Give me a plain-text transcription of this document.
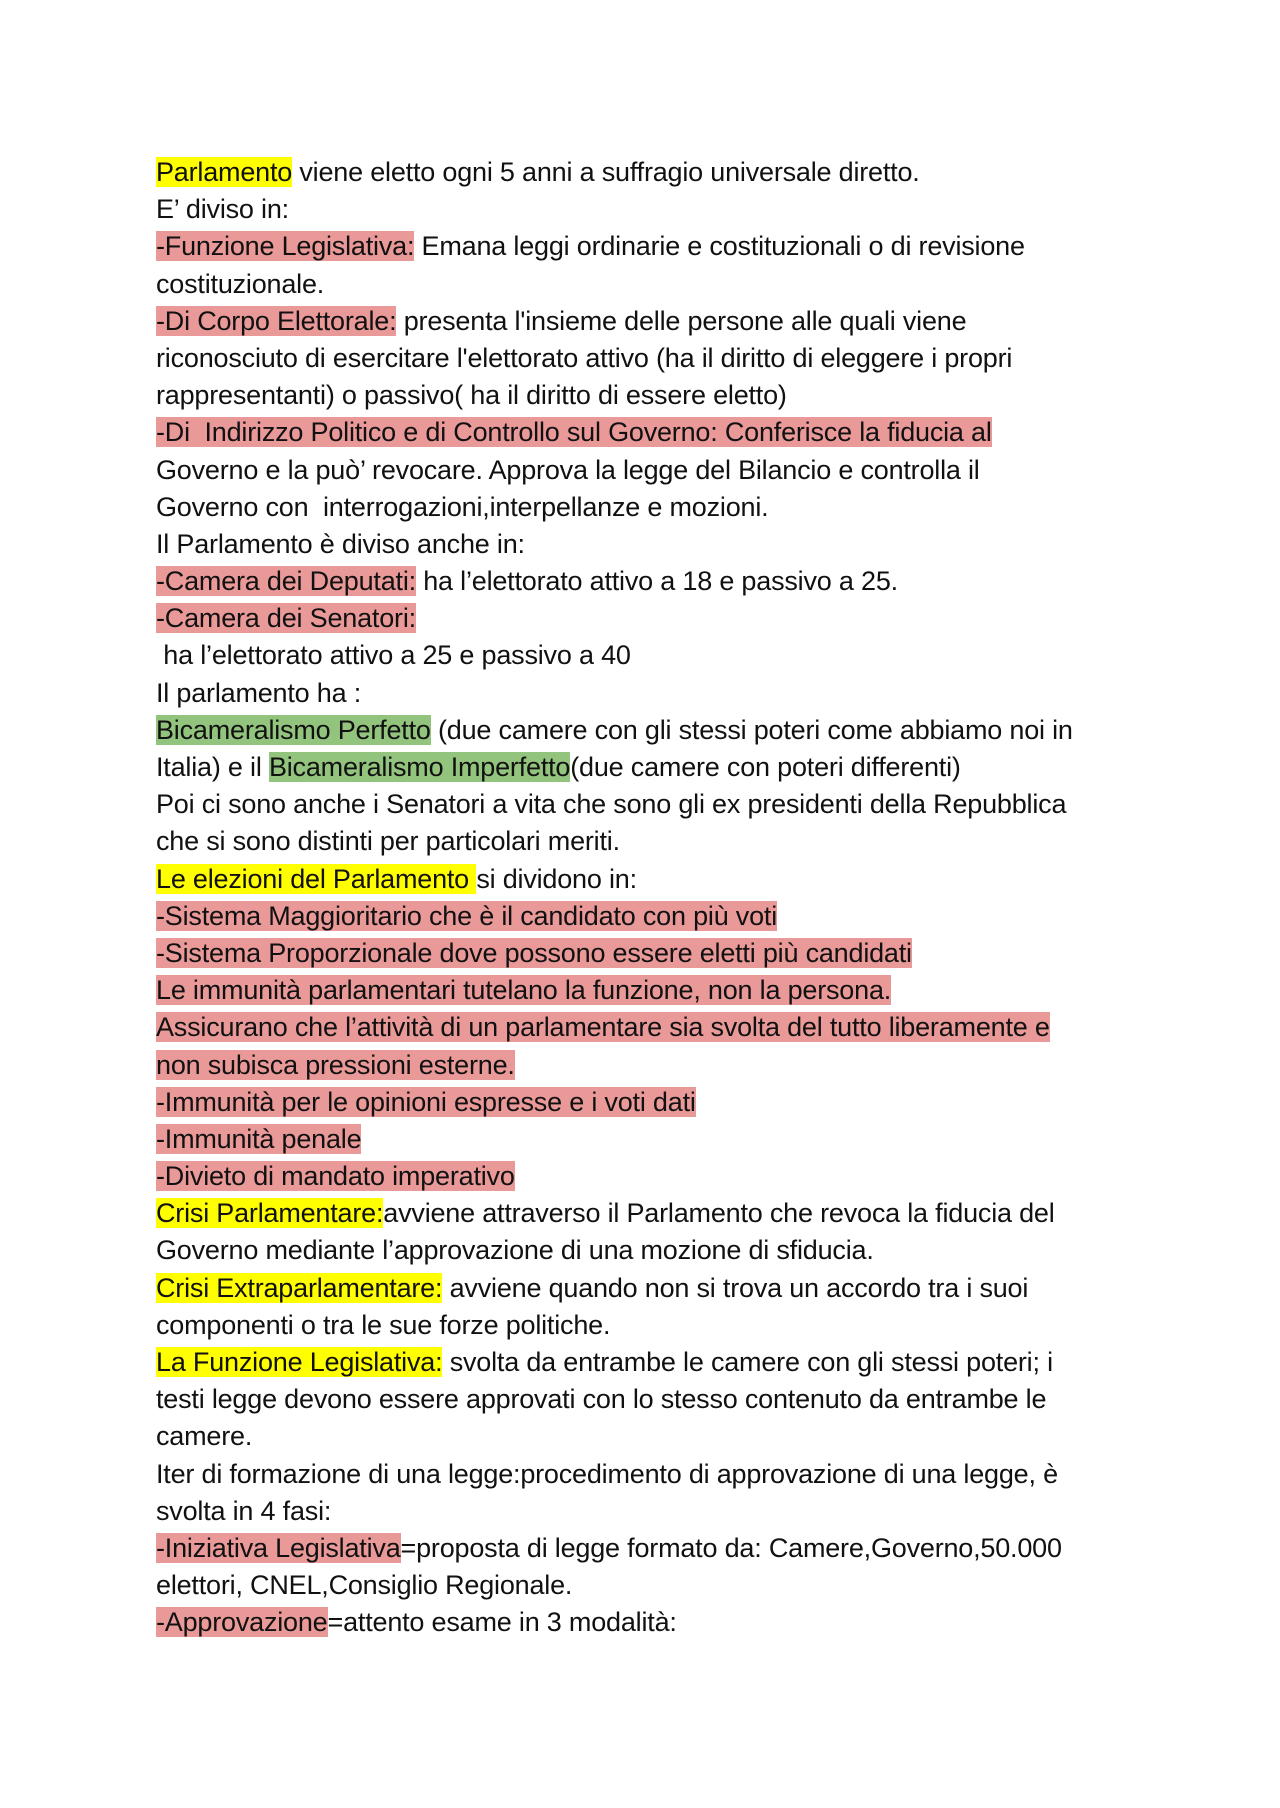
Parlamento viene eletto ogni 5 anni a suffragio universale diretto.
E’ diviso in:
-Funzione Legislativa: Emana leggi ordinarie e costituzionali o di revisione
costituzionale.
-Di Corpo Elettorale: presenta l'insieme delle persone alle quali viene
riconosciuto di esercitare l'elettorato attivo (ha il diritto di eleggere i propri
rappresentanti) o passivo( ha il diritto di essere eletto)
-Di  Indirizzo Politico e di Controllo sul Governo: Conferisce la fiducia al
Governo e la può’ revocare. Approva la legge del Bilancio e controlla il
Governo con  interrogazioni,interpellanze e mozioni.
Il Parlamento è diviso anche in:
-Camera dei Deputati: ha l’elettorato attivo a 18 e passivo a 25.
-Camera dei Senatori:
ha l’elettorato attivo a 25 e passivo a 40
Il parlamento ha :
Bicameralismo Perfetto (due camere con gli stessi poteri come abbiamo noi in
Italia) e il Bicameralismo Imperfetto(due camere con poteri differenti)
Poi ci sono anche i Senatori a vita che sono gli ex presidenti della Repubblica
che si sono distinti per particolari meriti.
Le elezioni del Parlamento si dividono in:
-Sistema Maggioritario che è il candidato con più voti
-Sistema Proporzionale dove possono essere eletti più candidati
Le immunità parlamentari tutelano la funzione, non la persona.
Assicurano che l’attività di un parlamentare sia svolta del tutto liberamente e
non subisca pressioni esterne.
-Immunità per le opinioni espresse e i voti dati
-Immunità penale
-Divieto di mandato imperativo
Crisi Parlamentare:avviene attraverso il Parlamento che revoca la fiducia del
Governo mediante l’approvazione di una mozione di sfiducia.
Crisi Extraparlamentare: avviene quando non si trova un accordo tra i suoi
componenti o tra le sue forze politiche.
La Funzione Legislativa: svolta da entrambe le camere con gli stessi poteri; i
testi legge devono essere approvati con lo stesso contenuto da entrambe le
camere.
Iter di formazione di una legge:procedimento di approvazione di una legge, è
svolta in 4 fasi:
-Iniziativa Legislativa=proposta di legge formato da: Camere,Governo,50.000
elettori, CNEL,Consiglio Regionale.
-Approvazione=attento esame in 3 modalità:
